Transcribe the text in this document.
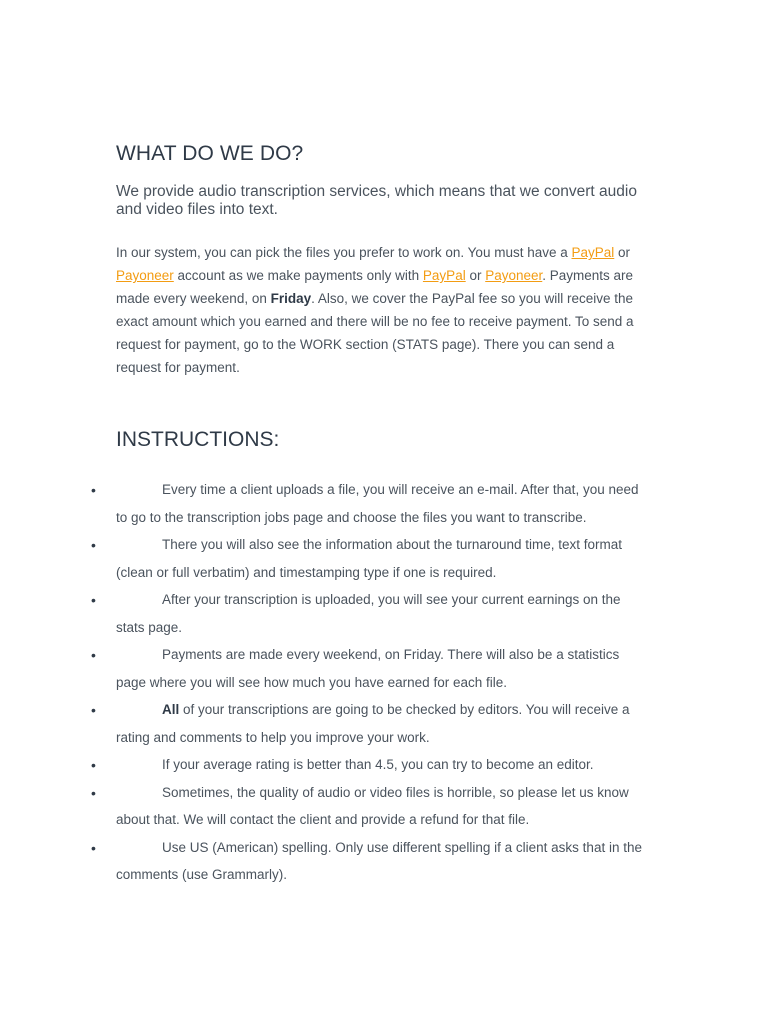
WHAT DO WE DO?

We provide audio transcription services, which means that we convert audio and video files into text.

In our system, you can pick the files you prefer to work on. You must have a PayPal or Payoneer account as we make payments only with PayPal or Payoneer. Payments are made every weekend, on Friday. Also, we cover the PayPal fee so you will receive the exact amount which you earned and there will be no fee to receive payment. To send a request for payment, go to the WORK section (STATS page). There you can send a request for payment.

INSTRUCTIONS:
•	Every time a client uploads a file, you will receive an e-mail. After that, you need to go to the transcription jobs page and choose the files you want to transcribe.
•	There you will also see the information about the turnaround time, text format (clean or full verbatim) and timestamping type if one is required.
•	After your transcription is uploaded, you will see your current earnings on the stats page.
•	Payments are made every weekend, on Friday. There will also be a statistics page where you will see how much you have earned for each file.
•	All of your transcriptions are going to be checked by editors. You will receive a rating and comments to help you improve your work.
•	If your average rating is better than 4.5, you can try to become an editor.
•	Sometimes, the quality of audio or video files is horrible, so please let us know about that. We will contact the client and provide a refund for that file.
•	Use US (American) spelling. Only use different spelling if a client asks that in the comments (use Grammarly).
